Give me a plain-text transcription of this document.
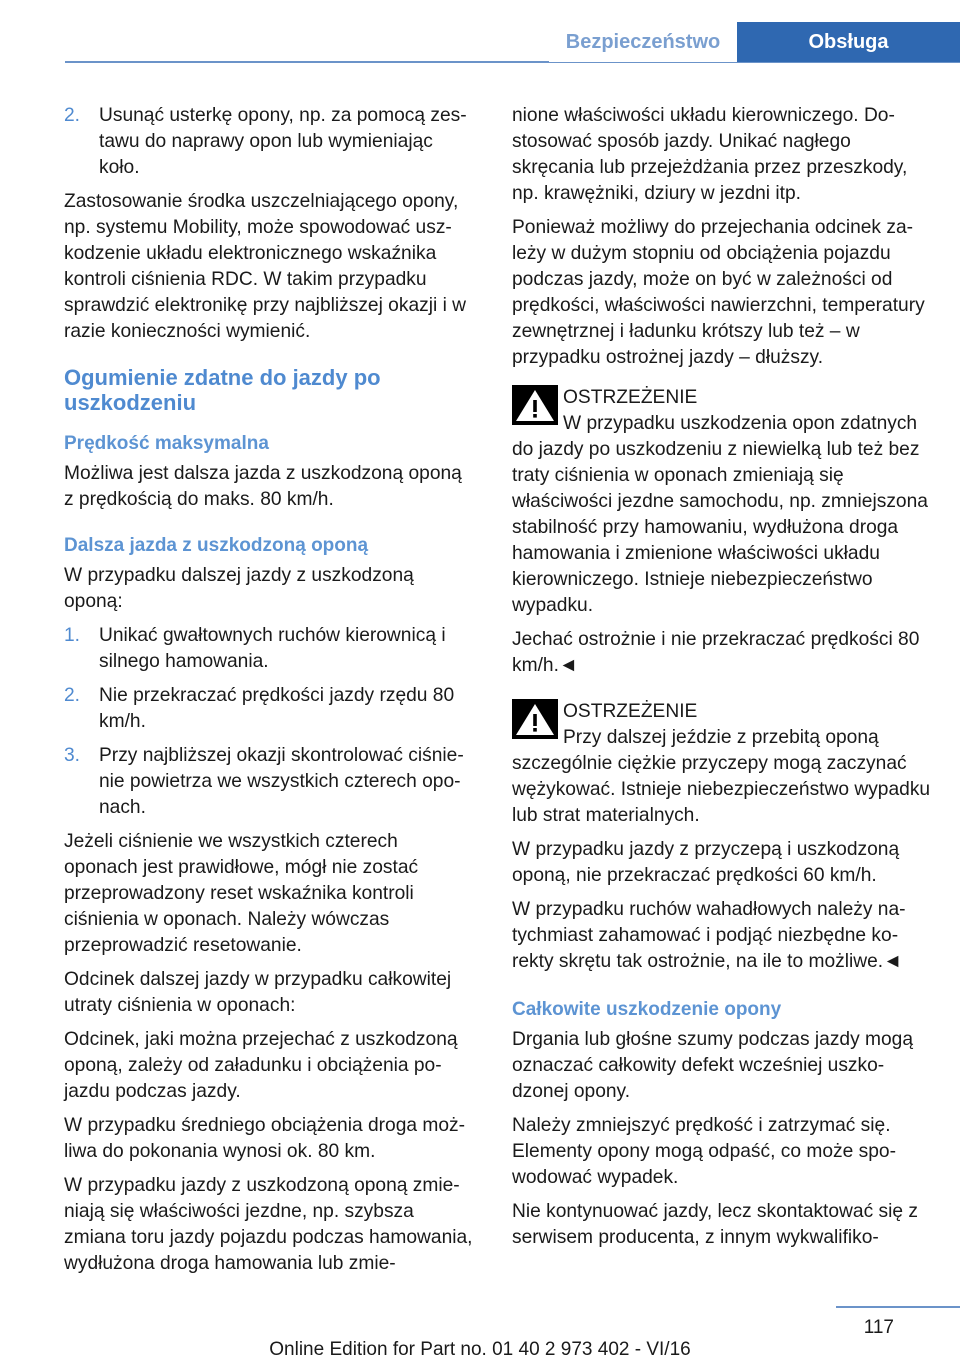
Bezpieczeństwo	Obsługa
2. Usunąć usterkę opony, np. za pomocą zestawu do naprawy opon lub wymieniając koło.

Zastosowanie środka uszczelniającego opony, np. systemu Mobility, może spowodować uszkodzenie układu elektronicznego wskaźnika kontroli ciśnienia RDC. W takim przypadku sprawdzić elektronikę przy najbliższej okazji i w razie konieczności wymienić.

Ogumienie zdatne do jazdy po uszkodzeniu
Prędkość maksymalna

Możliwa jest dalsza jazda z uszkodzoną oponą z prędkością do maks. 80 km/h.

Dalsza jazda z uszkodzoną oponą

W przypadku dalszej jazdy z uszkodzoną oponą:

1. Unikać gwałtownych ruchów kierownicą i silnego hamowania.
2. Nie przekraczać prędkości jazdy rzędu 80 km/h.
3. Przy najbliższej okazji skontrolować ciśnienie powietrza we wszystkich czterech oponach.

Jeżeli ciśnienie we wszystkich czterech oponach jest prawidłowe, mógł nie zostać przeprowadzony reset wskaźnika kontroli ciśnienia w oponach. Należy wówczas przeprowadzić resetowanie.

Odcinek dalszej jazdy w przypadku całkowitej utraty ciśnienia w oponach:

Odcinek, jaki można przejechać z uszkodzoną oponą, zależy od załadunku i obciążenia pojazdu podczas jazdy.

W przypadku średniego obciążenia droga możliwa do pokonania wynosi ok. 80 km.

W przypadku jazdy z uszkodzoną oponą zmieniają się właściwości jezdne, np. szybsza zmiana toru jazdy pojazdu podczas hamowania, wydłużona droga hamowania lub zmie-

nione właściwości układu kierowniczego. Dostosować sposób jazdy. Unikać nagłego skręcania lub przejeżdżania przez przeszkody, np. krawężniki, dziury w jezdni itp.

Ponieważ możliwy do przejechania odcinek zależy w dużym stopniu od obciążenia pojazdu podczas jazdy, może on być w zależności od prędkości, właściwości nawierzchni, temperatury zewnętrznej i ładunku krótszy lub też – w przypadku ostrożnej jazdy – dłuższy.

OSTRZEŻENIE

W przypadku uszkodzenia opon zdatnych do jazdy po uszkodzeniu z niewielką lub też bez traty ciśnienia w oponach zmieniają się właściwości jezdne samochodu, np. zmniejszona stabilność przy hamowaniu, wydłużona droga hamowania i zmienione właściwości układu kierowniczego. Istnieje niebezpieczeństwo wypadku.

Jechać ostrożnie i nie przekraczać prędkości 80 km/h.◄

OSTRZEŻENIE

Przy dalszej jeździe z przebitą oponą szczególnie ciężkie przyczepy mogą zaczynać wężykować. Istnieje niebezpieczeństwo wypadku lub strat materialnych.

W przypadku jazdy z przyczepą i uszkodzoną oponą, nie przekraczać prędkości 60 km/h.

W przypadku ruchów wahadłowych należy natychmiast zahamować i podjąć niezbędne korekty skrętu tak ostrożnie, na ile to możliwe.◄

Całkowite uszkodzenie opony

Drgania lub głośne szumy podczas jazdy mogą oznaczać całkowity defekt wcześniej uszkodzonej opony.

Należy zmniejszyć prędkość i zatrzymać się. Elementy opony mogą odpaść, co może spowodować wypadek.

Nie kontynuować jazdy, lecz skontaktować się z serwisem producenta, z innym wykwalifiko-

117
Online Edition for Part no. 01 40 2 973 402 - VI/16
